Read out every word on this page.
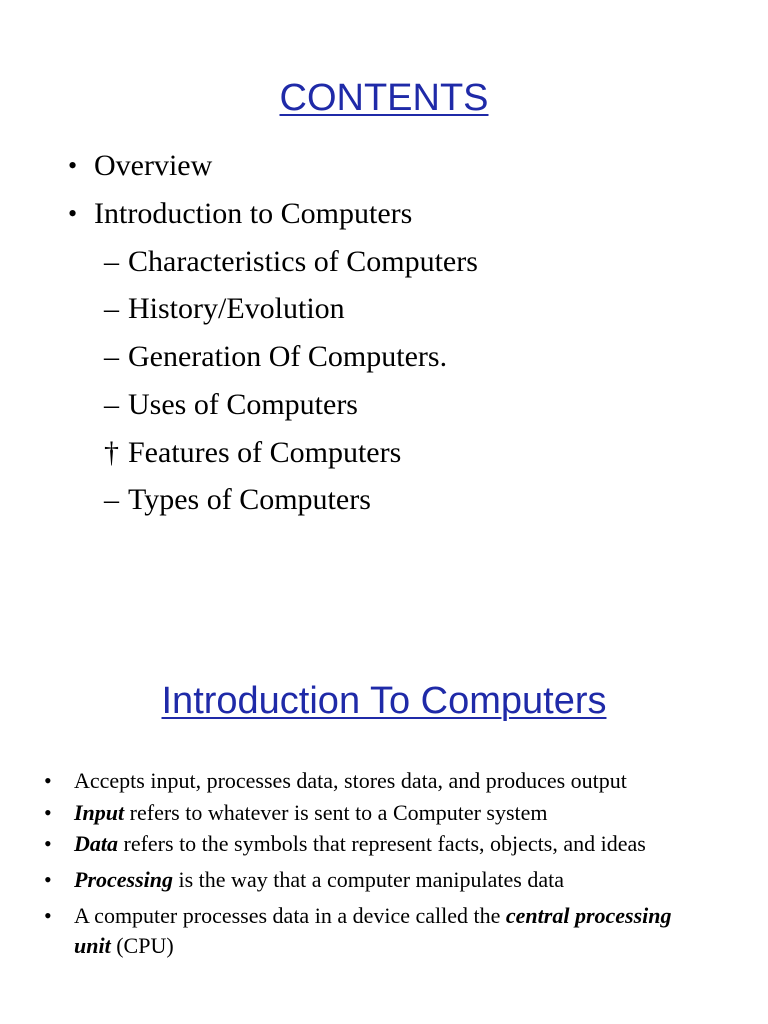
CONTENTS
• Overview
• Introduction to Computers
– Characteristics of Computers
– History/Evolution
– Generation Of Computers.
– Uses of Computers
† Features of Computers
– Types of Computers
Introduction To Computers
• Accepts input, processes data, stores data, and produces output
• Input refers to whatever is sent to a Computer system
• Data refers to the symbols that represent facts, objects, and ideas
• Processing is the way that a computer manipulates data
• A computer processes data in a device called the central processing unit (CPU)
